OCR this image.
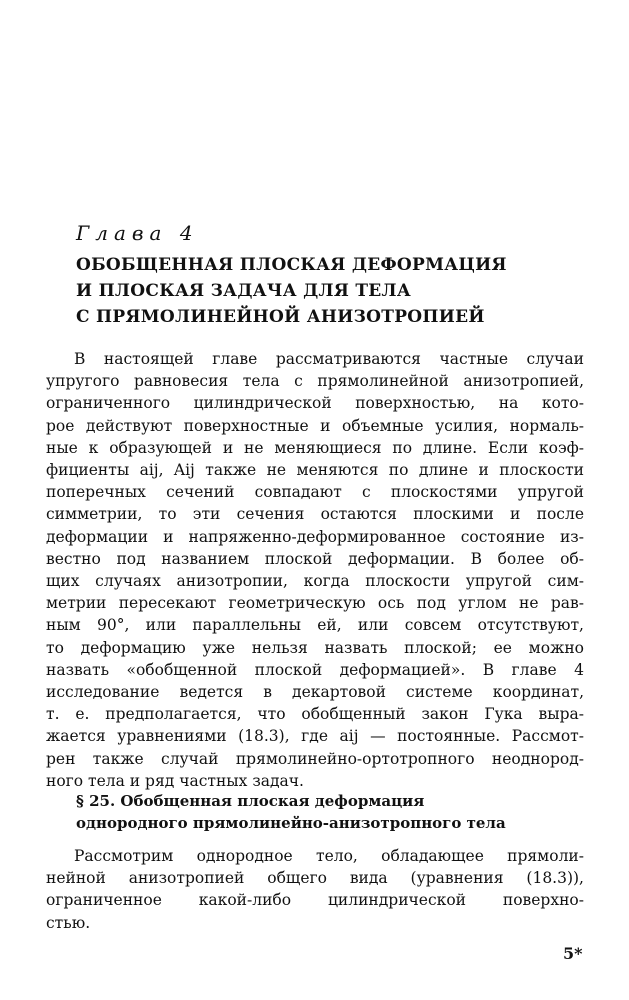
Глава 4
ОБОБЩЕННАЯ ПЛОСКАЯ ДЕФОРМАЦИЯ
И ПЛОСКАЯ ЗАДАЧА ДЛЯ ТЕЛА
С ПРЯМОЛИНЕЙНОЙ АНИЗОТРОПИЕЙ
В настоящей главе рассматриваются частные случаи
упругого равновесия тела с прямолинейной анизотропией,
ограниченного цилиндрической поверхностью, на кото-
рое действуют поверхностные и объемные усилия, нормаль-
ные к образующей и не меняющиеся по длине. Если коэф-
фициенты aij, Aij также не меняются по длине и плоскости
поперечных сечений совпадают с плоскостями упругой
симметрии, то эти сечения остаются плоскими и после
деформации и напряженно-деформированное состояние из-
вестно под названием плоской деформации. В более об-
щих случаях анизотропии, когда плоскости упругой сим-
метрии пересекают геометрическую ось под углом не рав-
ным 90°, или параллельны ей, или совсем отсутствуют,
то деформацию уже нельзя назвать плоской; ее можно
назвать «обобщенной плоской деформацией». В главе 4
исследование ведется в декартовой системе координат,
т. е. предполагается, что обобщенный закон Гука выра-
жается уравнениями (18.3), где aij — постоянные. Рассмот-
рен также случай прямолинейно-ортотропного неоднород-
ного тела и ряд частных задач.
§ 25. Обобщенная плоская деформация
однородного прямолинейно-анизотропного тела
Рассмотрим однородное тело, обладающее прямоли-
нейной анизотропией общего вида (уравнения (18.3)),
ограниченное какой-либо цилиндрической поверхно-
стью.
5*
